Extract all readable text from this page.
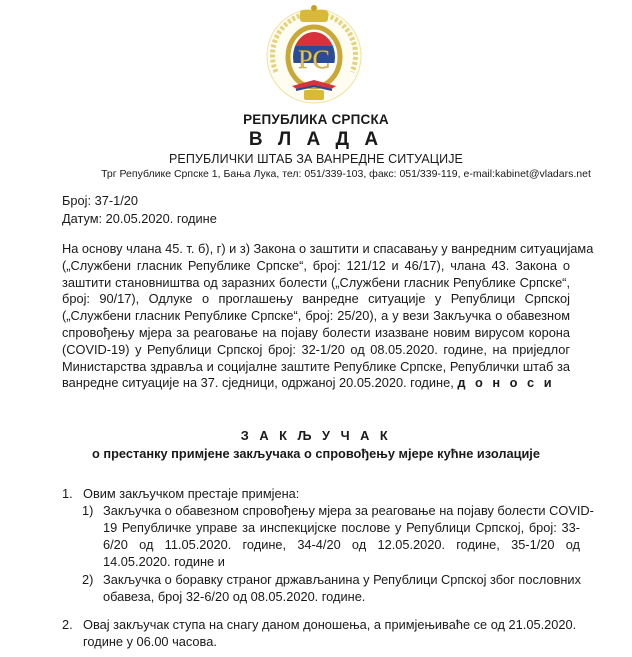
PC
РЕПУБЛИКА СРПСКА
В Л А Д А
РЕПУБЛИЧКИ ШТАБ ЗА ВАНРЕДНЕ СИТУАЦИЈЕ
Трг Републике Српске 1, Бања Лука, тел: 051/339-103, факс: 051/339-119, e-mail:kabinet@vladars.net
Број: 37-1/20
Датум: 20.05.2020. године
На основу члана 45. т. б), г) и з) Закона о заштити и спасавању у ванредним ситуацијама
(„Службени гласник Републике Српске“, број: 121/12 и 46/17), члана 43. Закона о
заштити становништва од заразних болести („Службени гласник Републике Српске“,
број: 90/17), Одлуке о проглашењу ванредне ситуације у Републици Српској
(„Службени гласник Републике Српске“, број: 25/20), а у вези Закључка о обавезном
спровођењу мјера за реаговање на појаву болести изазване новим вирусом корона
(COVID-19) у Републици Српској број: 32-1/20 од 08.05.2020. године, на приједлог
Министарства здравља и социјалне заштите Републике Српске, Републички штаб за
ванредне ситуације на 37. сједници, одржаној 20.05.2020. године, д о н о с и
З А К Љ У Ч А К
о престанку примјене закључака о спровођењу мјере кућне изолације
1. Овим закључком престаје примјена:
1) Закључка о обавезном спровођењу мјера за реаговање на појаву болести COVID-
19 Републичке управе за инспекцијске послове у Републици Српској, број: 33-
6/20 од 11.05.2020. године, 34-4/20 од 12.05.2020. године, 35-1/20 од
14.05.2020. године и
2) Закључка о боравку страног држављанина у Републици Српској због пословних
обавеза, број 32-6/20 од 08.05.2020. године.
2. Овај закључак ступа на снагу даном доношења, а примјењиваће се од 21.05.2020.
године у 06.00 часова.
